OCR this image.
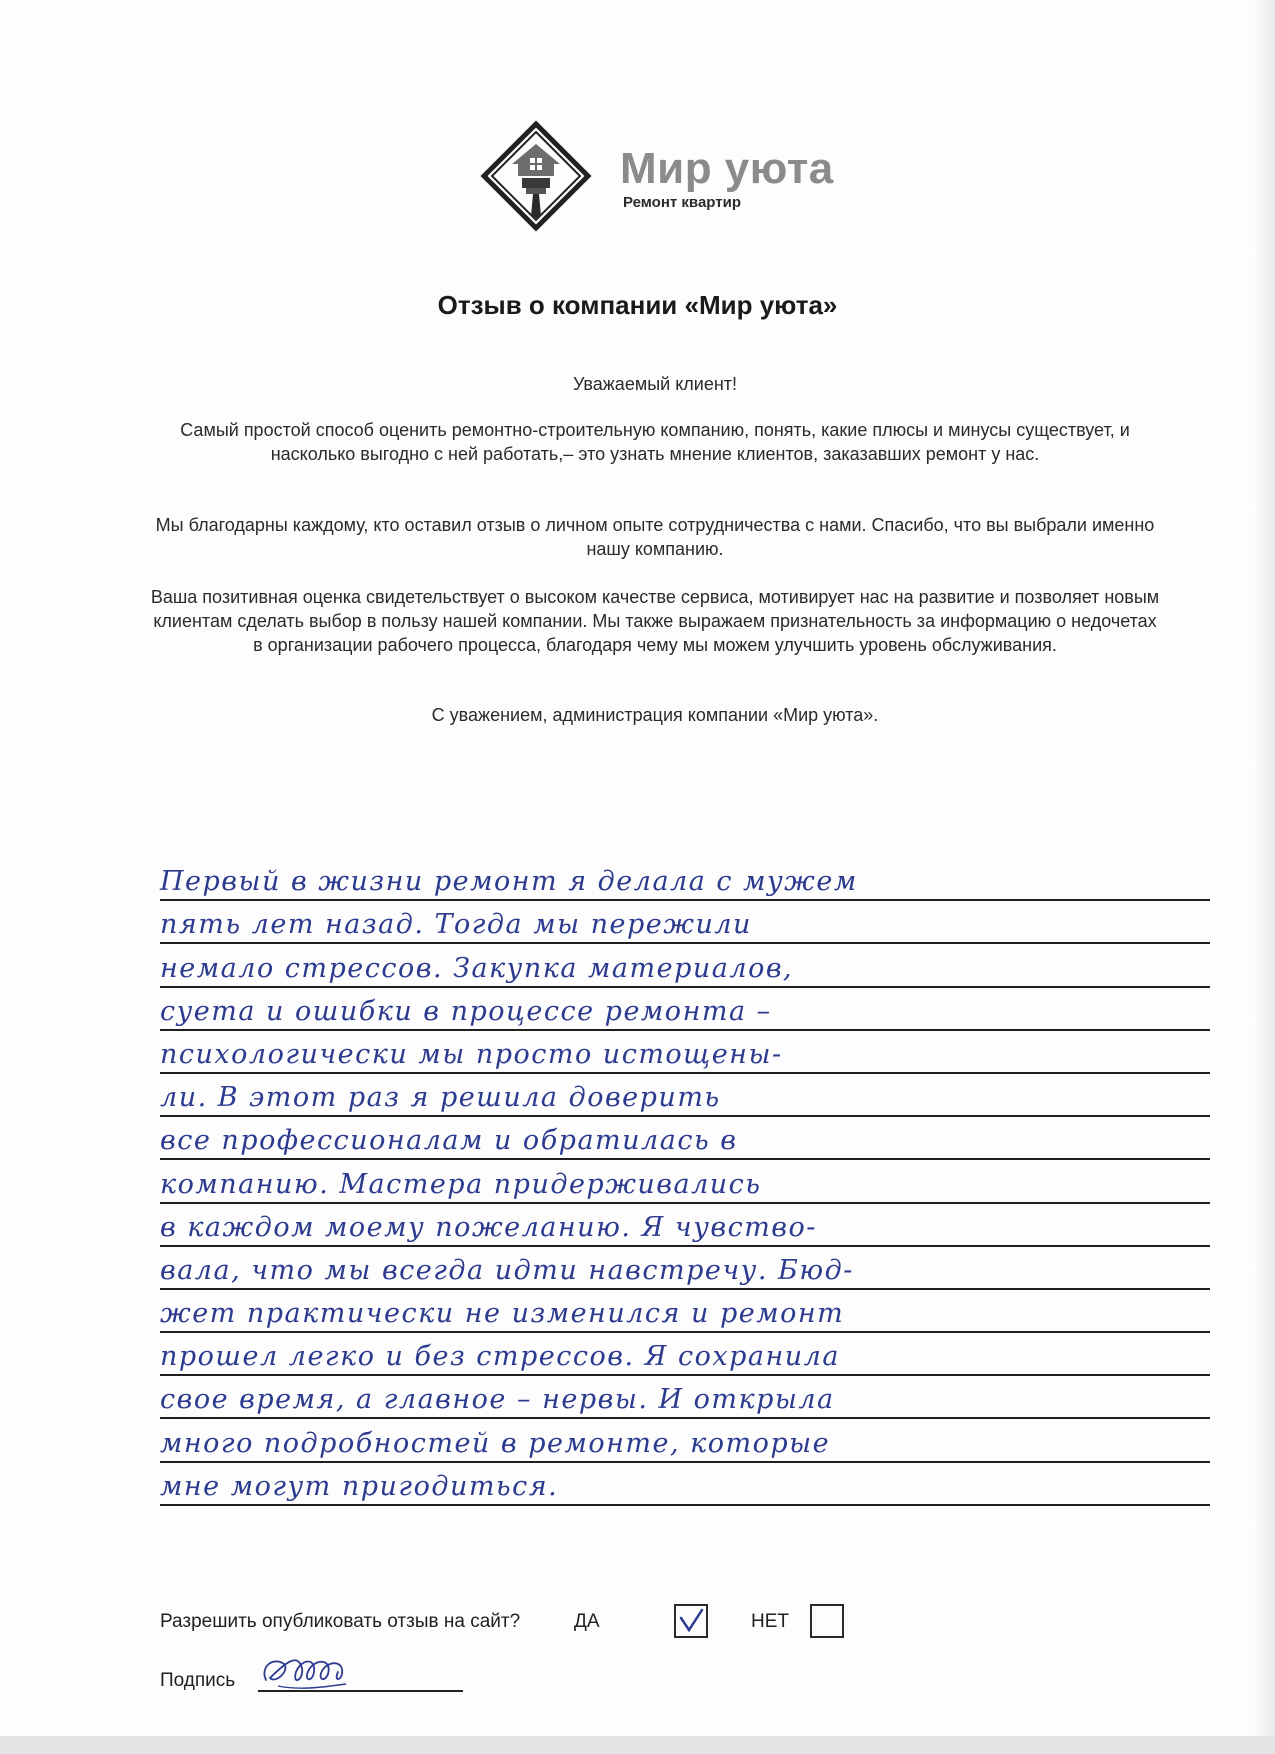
Мир уюта
Ремонт квартир
Отзыв о компании «Мир уюта»
Уважаемый клиент!
Самый простой способ оценить ремонтно-строительную компанию, понять, какие плюсы и минусы существует, и насколько выгодно с ней работать,– это узнать мнение клиентов, заказавших ремонт у нас.
Мы благодарны каждому, кто оставил отзыв о личном опыте сотрудничества с нами. Спасибо, что вы выбрали именно нашу компанию.
Ваша позитивная оценка свидетельствует о высоком качестве сервиса, мотивирует нас на развитие и позволяет новым клиентам сделать выбор в пользу нашей компании. Мы также выражаем признательность за информацию о недочетах в организации рабочего процесса, благодаря чему мы можем улучшить уровень обслуживания.
С уважением, администрация компании «Мир уюта».
Первый в жизни ремонт я делала с мужем
пять лет назад. Тогда мы пережили
немало стрессов. Закупка материалов,
суета и ошибки в процессе ремонта –
психологически мы просто истощены-
ли. В этот раз я решила доверить
все профессионалам и обратилась в
компанию. Мастера придерживались
в каждом моему пожеланию. Я чувство-
вала, что мы всегда идти навстречу. Бюд-
жет практически не изменился и ремонт
прошел легко и без стрессов. Я сохранила
свое время, а главное – нервы. И открыла
много подробностей в ремонте, которые
мне могут пригодиться.
Разрешить опубликовать отзыв на сайт?	ДА	НЕТ
Подпись
